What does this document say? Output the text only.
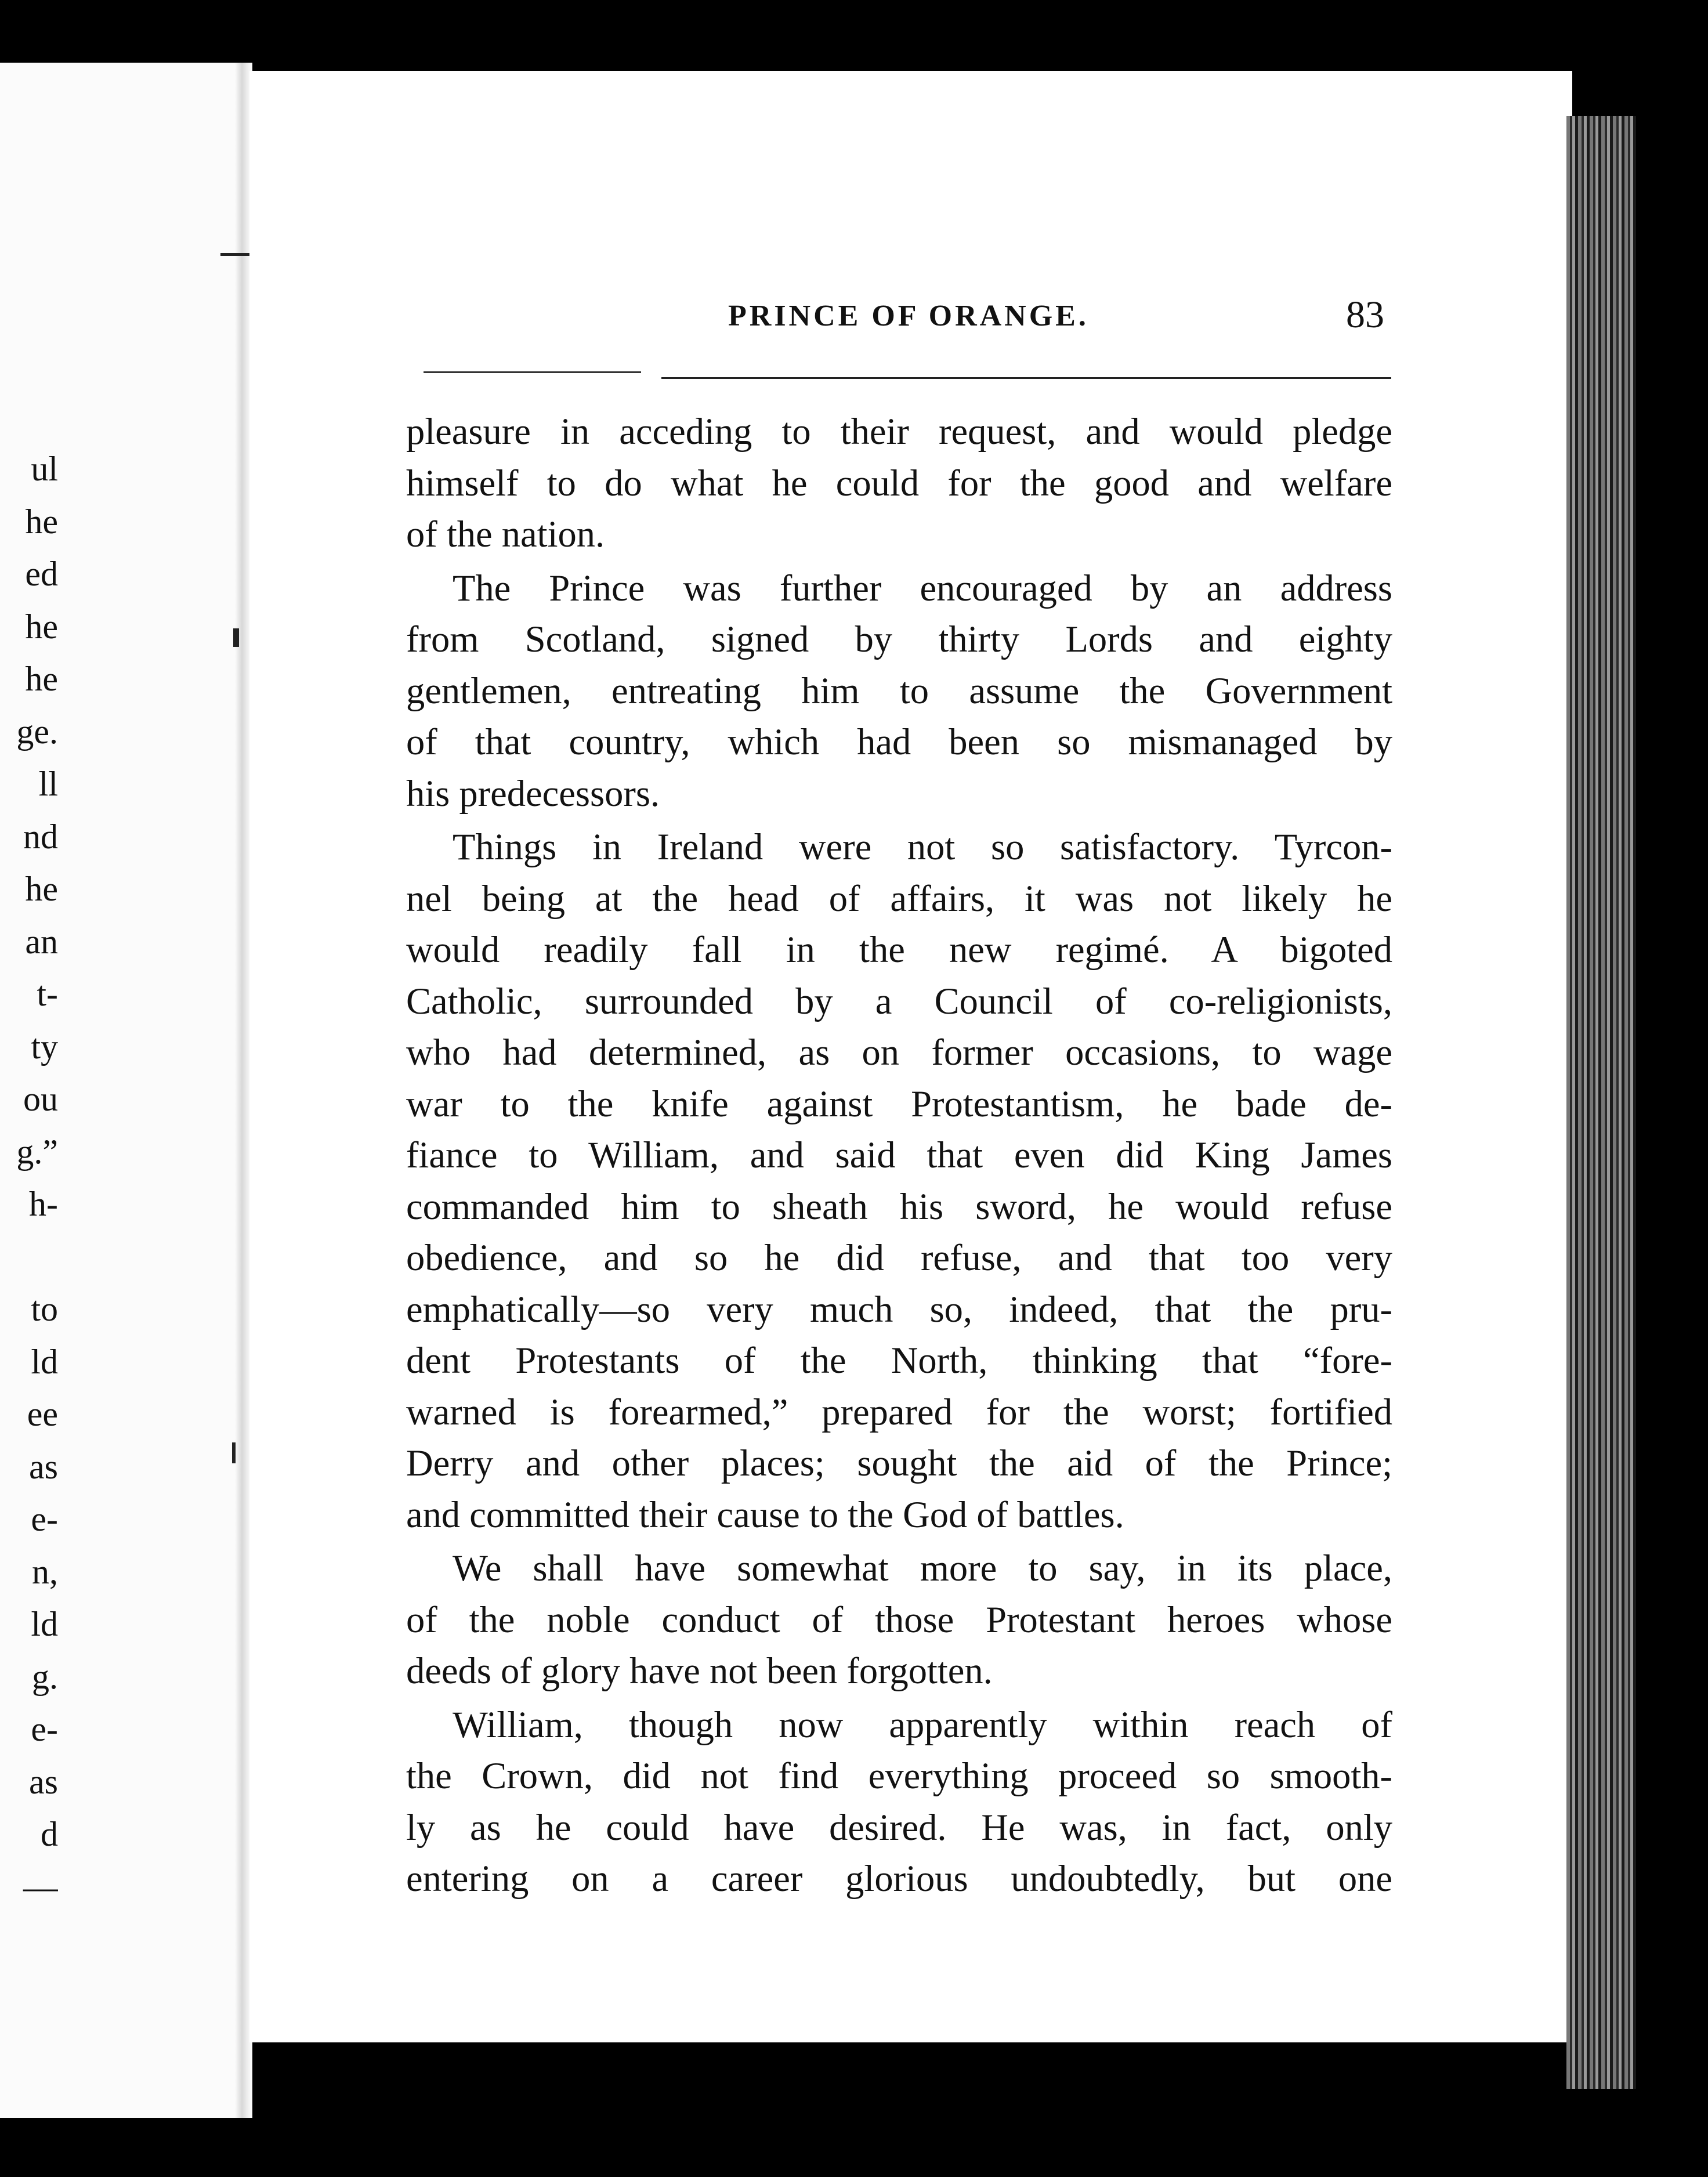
ul
he
ed
he
he
ge.
ll
nd
he
an
t-
ty
ou
g.”
h-
to
ld
ee
as
e-
n,
ld
g.
e-
as
d
—
PRINCE OF ORANGE.	83
pleasure in acceding to their request, and would pledge
himself to do what he could for the good and welfare
of the nation.
The Prince was further encouraged by an address
from Scotland, signed by thirty Lords and eighty
gentlemen, entreating him to assume the Government
of that country, which had been so mismanaged by
his predecessors.
Things in Ireland were not so satisfactory. Tyrcon-
nel being at the head of affairs, it was not likely he
would readily fall in the new regimé. A bigoted
Catholic, surrounded by a Council of co-religionists,
who had determined, as on former occasions, to wage
war to the knife against Protestantism, he bade de-
fiance to William, and said that even did King James
commanded him to sheath his sword, he would refuse
obedience, and so he did refuse, and that too very
emphatically—so very much so, indeed, that the pru-
dent Protestants of the North, thinking that “fore-
warned is forearmed,” prepared for the worst; fortified
Derry and other places; sought the aid of the Prince;
and committed their cause to the God of battles.
We shall have somewhat more to say, in its place,
of the noble conduct of those Protestant heroes whose
deeds of glory have not been forgotten.
William, though now apparently within reach of
the Crown, did not find everything proceed so smooth-
ly as he could have desired. He was, in fact, only
entering on a career glorious undoubtedly, but one
